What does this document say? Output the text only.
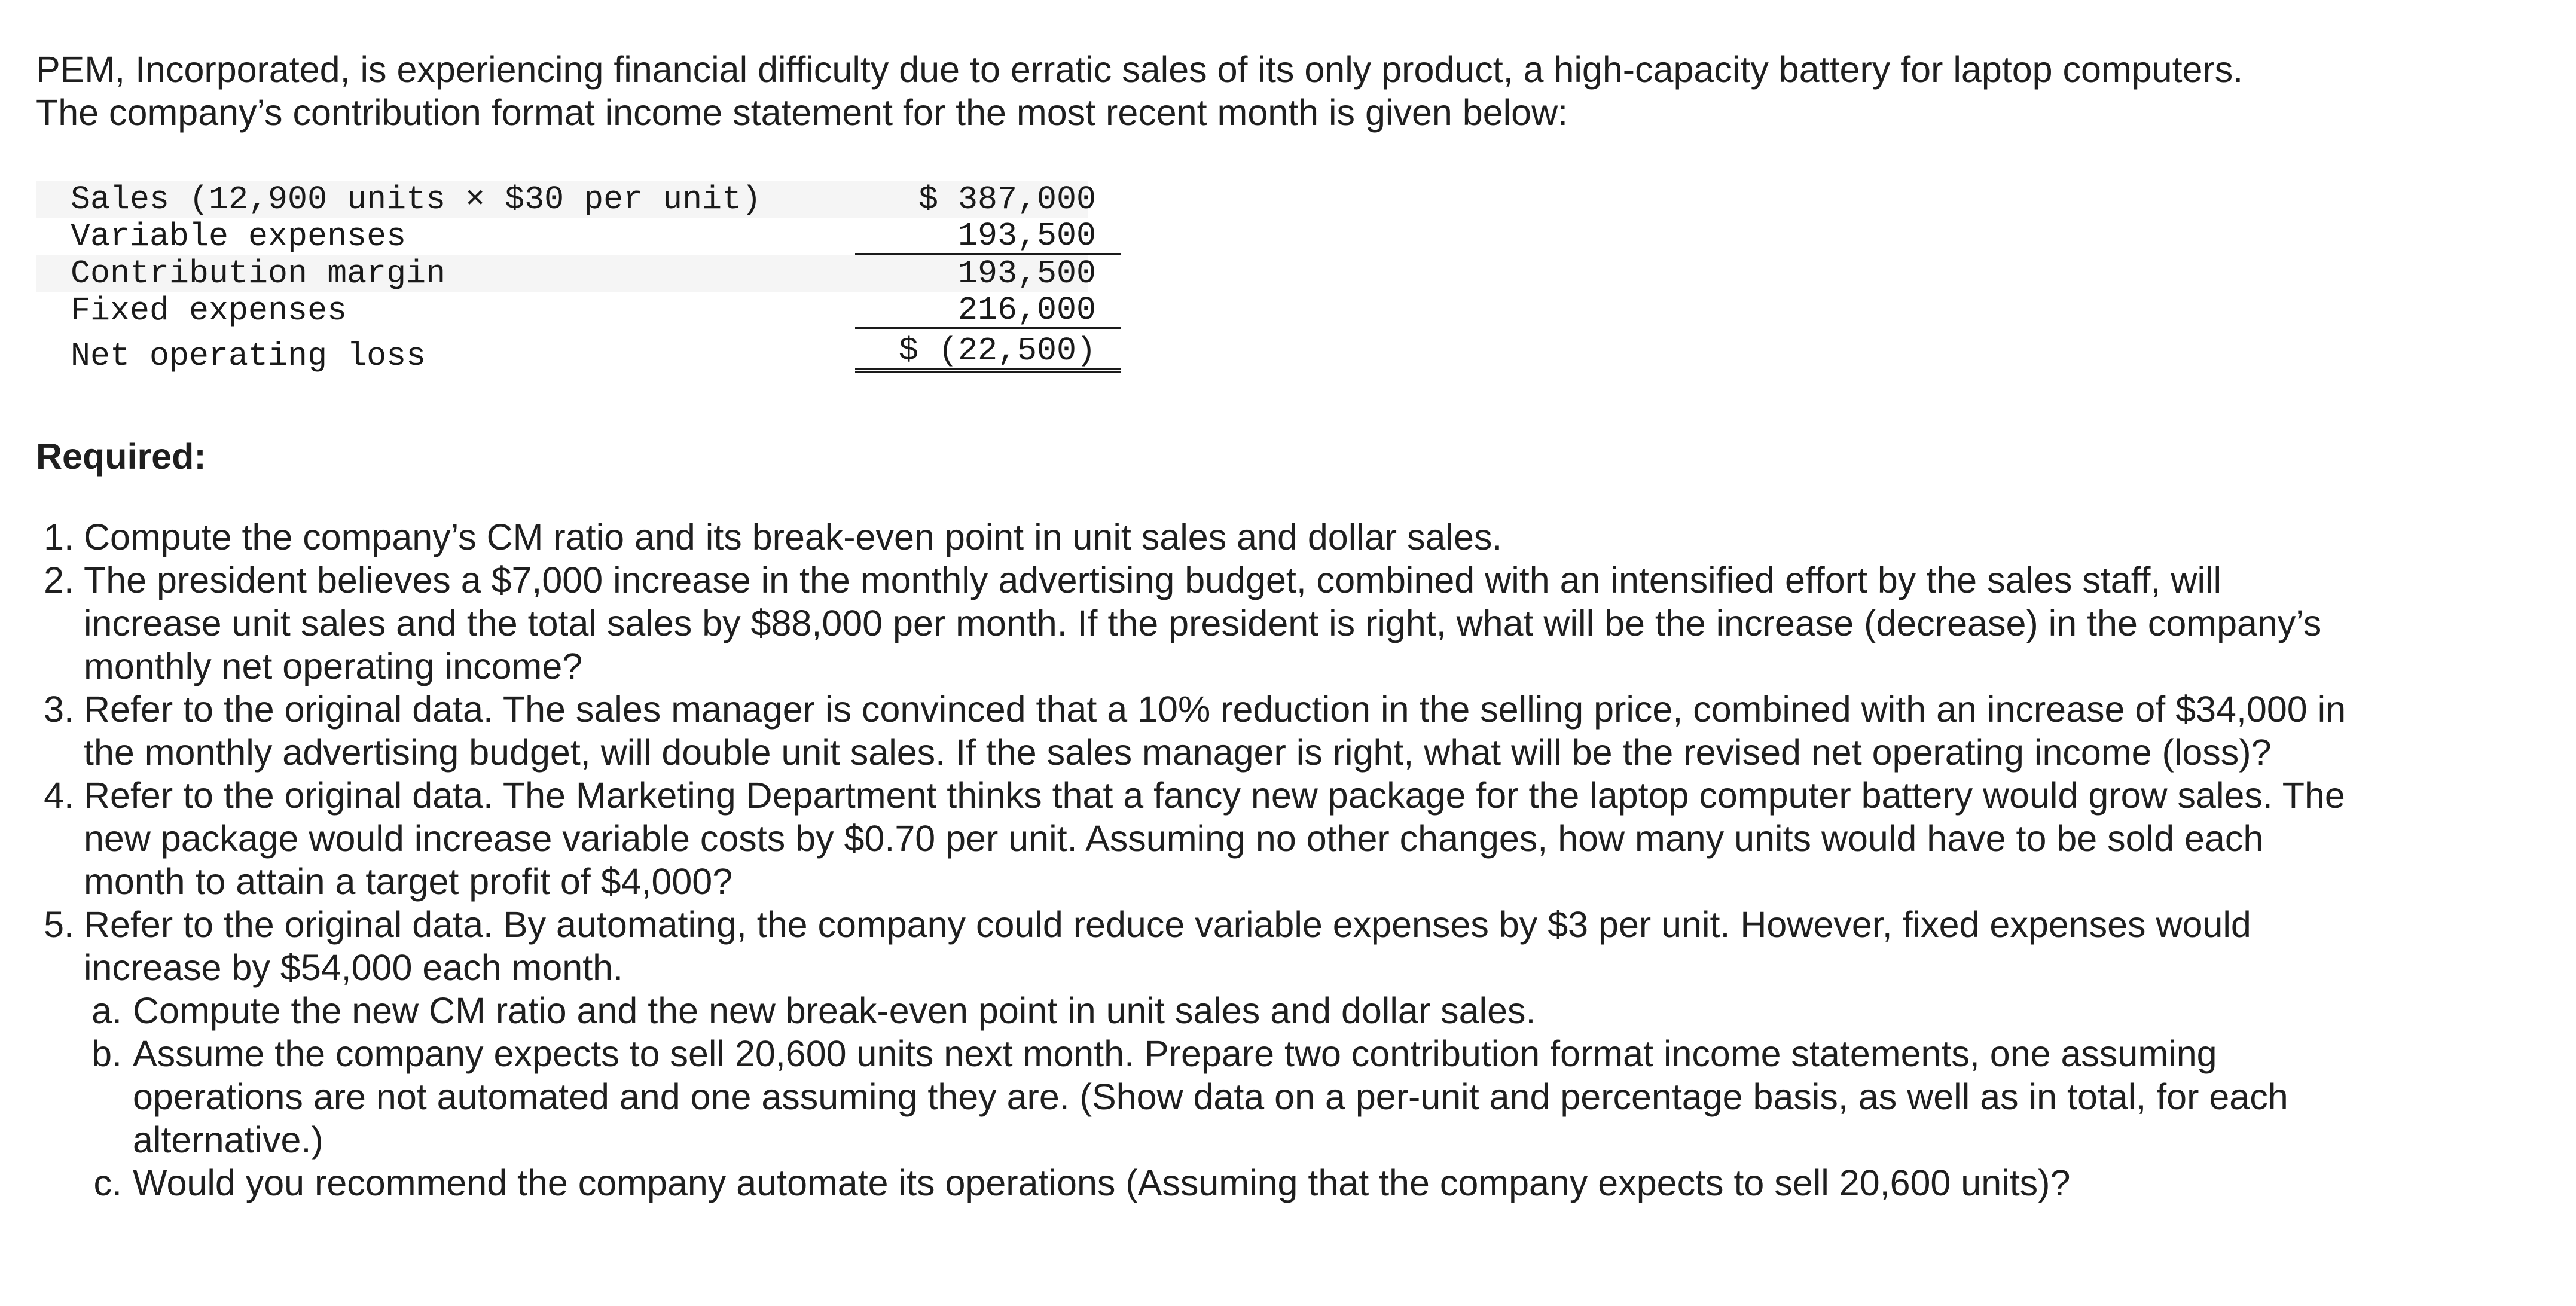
PEM, Incorporated, is experiencing financial difficulty due to erratic sales of its only product, a high-capacity battery for laptop computers. The company’s contribution format income statement for the most recent month is given below:

Sales (12,900 units × $30 per unit)	$ 387,000
Variable expenses	193,500
Contribution margin	193,500
Fixed expenses	216,000
Net operating loss	$ (22,500)

Required:

1. Compute the company’s CM ratio and its break-even point in unit sales and dollar sales.
2. The president believes a $7,000 increase in the monthly advertising budget, combined with an intensified effort by the sales staff, will increase unit sales and the total sales by $88,000 per month. If the president is right, what will be the increase (decrease) in the company’s monthly net operating income?
3. Refer to the original data. The sales manager is convinced that a 10% reduction in the selling price, combined with an increase of $34,000 in the monthly advertising budget, will double unit sales. If the sales manager is right, what will be the revised net operating income (loss)?
4. Refer to the original data. The Marketing Department thinks that a fancy new package for the laptop computer battery would grow sales. The new package would increase variable costs by $0.70 per unit. Assuming no other changes, how many units would have to be sold each month to attain a target profit of $4,000?
5. Refer to the original data. By automating, the company could reduce variable expenses by $3 per unit. However, fixed expenses would increase by $54,000 each month.
a. Compute the new CM ratio and the new break-even point in unit sales and dollar sales.
b. Assume the company expects to sell 20,600 units next month. Prepare two contribution format income statements, one assuming operations are not automated and one assuming they are. (Show data on a per-unit and percentage basis, as well as in total, for each alternative.)
c. Would you recommend the company automate its operations (Assuming that the company expects to sell 20,600 units)?
